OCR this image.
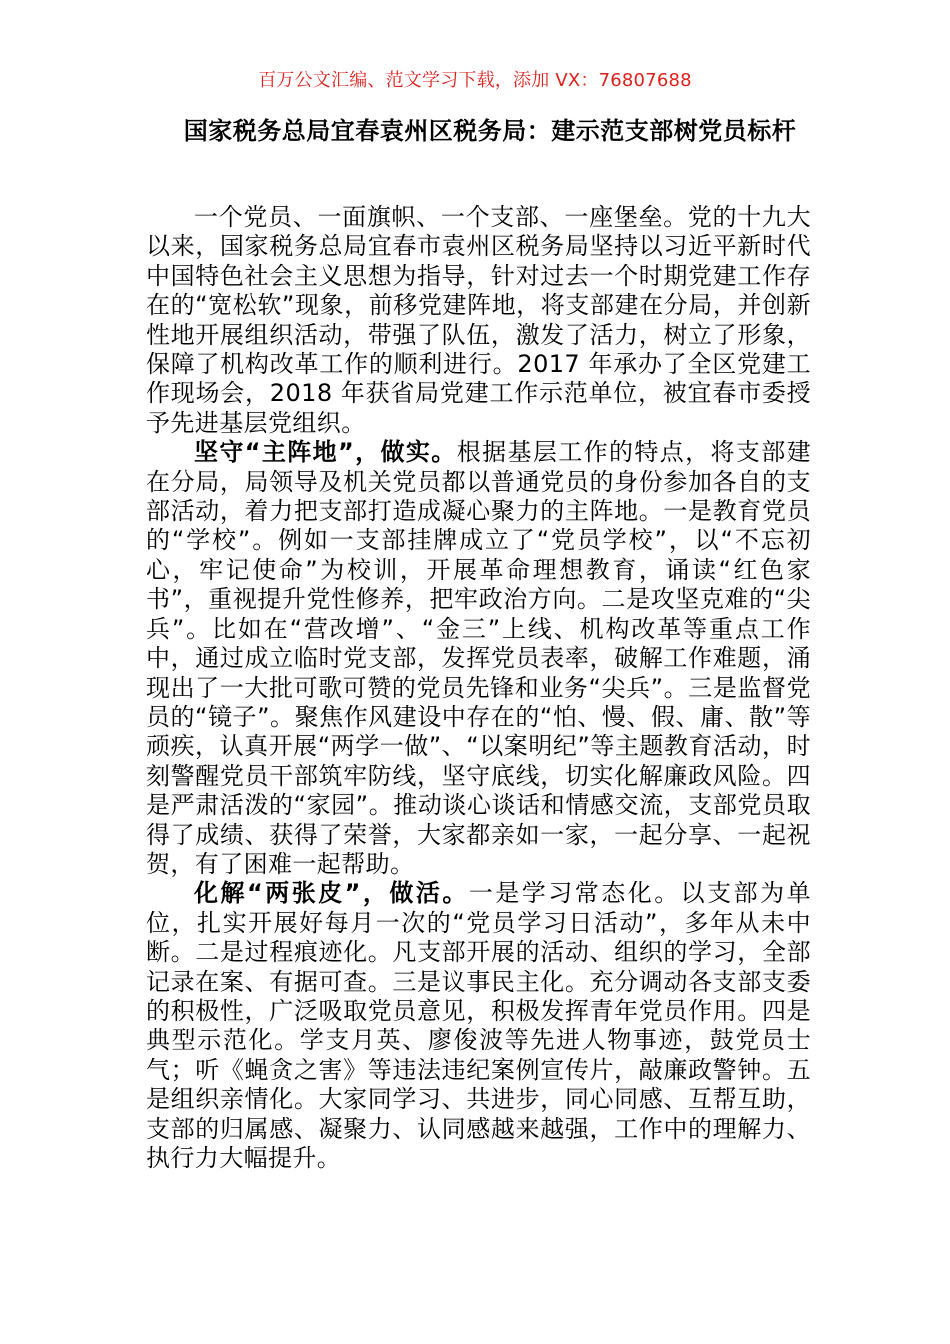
百万公文汇编、范文学习下载，添加 VX：76807688
国家税务总局宜春袁州区税务局：建示范支部树党员标杆

一个党员、一面旗帜、一个支部、一座堡垒。党的十九大以来，国家税务总局宜春市袁州区税务局坚持以习近平新时代中国特色社会主义思想为指导，针对过去一个时期党建工作存在的“宽松软”现象，前移党建阵地，将支部建在分局，并创新性地开展组织活动，带强了队伍，激发了活力，树立了形象，保障了机构改革工作的顺利进行。2017 年承办了全区党建工作现场会，2018 年获省局党建工作示范单位，被宜春市委授予先进基层党组织。

坚守“主阵地”，做实。根据基层工作的特点，将支部建在分局，局领导及机关党员都以普通党员的身份参加各自的支部活动，着力把支部打造成凝心聚力的主阵地。一是教育党员的“学校”。例如一支部挂牌成立了“党员学校”，以“不忘初心，牢记使命”为校训，开展革命理想教育，诵读“红色家书”，重视提升党性修养，把牢政治方向。二是攻坚克难的“尖兵”。比如在“营改增”、“金三”上线、机构改革等重点工作中，通过成立临时党支部，发挥党员表率，破解工作难题，涌现出了一大批可歌可赞的党员先锋和业务“尖兵”。三是监督党员的“镜子”。聚焦作风建设中存在的“怕、慢、假、庸、散”等顽疾，认真开展“两学一做”、“以案明纪”等主题教育活动，时刻警醒党员干部筑牢防线，坚守底线，切实化解廉政风险。四是严肃活泼的“家园”。推动谈心谈话和情感交流，支部党员取得了成绩、获得了荣誉，大家都亲如一家，一起分享、一起祝贺，有了困难一起帮助。

化解“两张皮”，做活。一是学习常态化。以支部为单位，扎实开展好每月一次的“党员学习日活动”，多年从未中断。二是过程痕迹化。凡支部开展的活动、组织的学习，全部记录在案、有据可查。三是议事民主化。充分调动各支部支委的积极性，广泛吸取党员意见，积极发挥青年党员作用。四是典型示范化。学支月英、廖俊波等先进人物事迹，鼓党员士气；听《蝇贪之害》等违法违纪案例宣传片，敲廉政警钟。五是组织亲情化。大家同学习、共进步，同心同感、互帮互助，支部的归属感、凝聚力、认同感越来越强，工作中的理解力、执行力大幅提升。
